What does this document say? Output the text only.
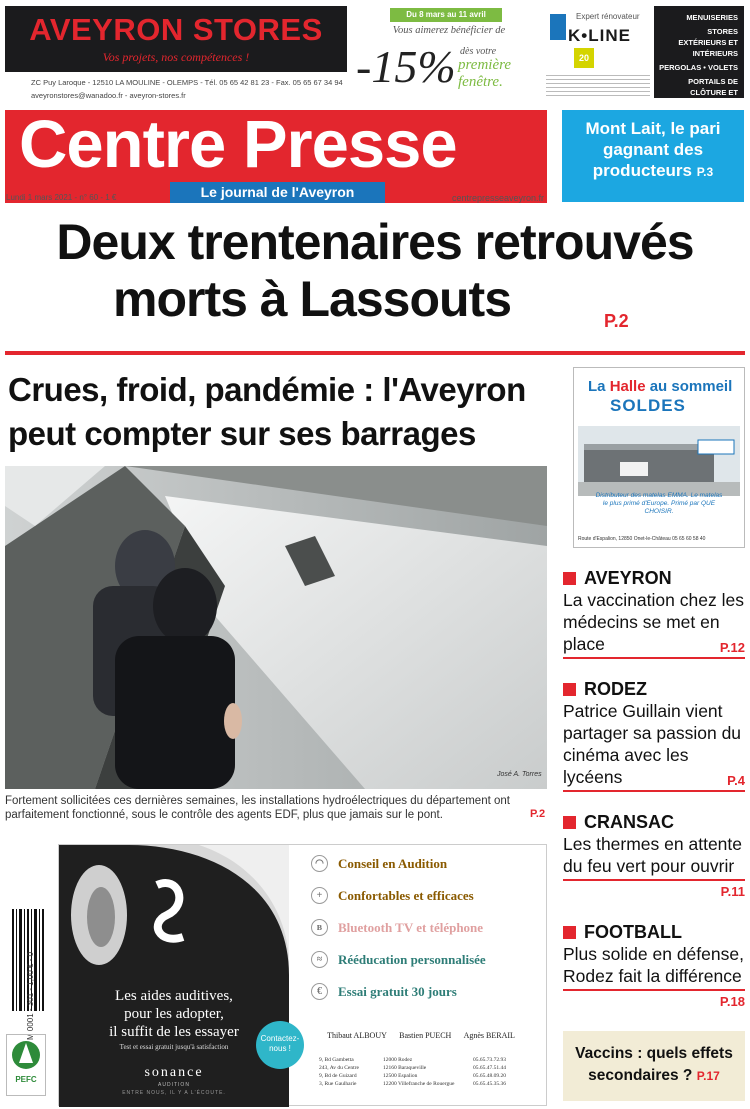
AVEYRON STORES
Vos projets, nos compétences !
ZC Puy Laroque - 12510 LA MOULINE - OLEMPS - Tél. 05 65 42 81 23 - Fax. 05 65 67 34 94
aveyronstores@wanadoo.fr - aveyron-stores.fr
Du 8 mars au 11 avril
Vous aimerez bénéficier de
-15% dès votre
première
fenêtre.
Expert rénovateur
K•LINE
20
MENUISERIES
STORES EXTÉRIEURS ET INTÉRIEURS
PERGOLAS • VOLETS
PORTAILS DE CLÔTURE ET GARAGE
Centre Presse
Le journal de l'Aveyron
Lundi 1 mars 2021 - n° 60 - 1 €	centrepresseaveyron.fr
Mont Lait, le pari gagnant des producteurs P.3
Deux trentenaires retrouvés
morts à Lassouts	P.2
Crues, froid, pandémie : l'Aveyron
peut compter sur ses barrages
José A. Torres
Fortement sollicitées ces dernières semaines, les installations hydroélectriques du département ont parfaitement fonctionné, sous le contrôle des agents EDF, plus que jamais sur le pont.	P.2
La Halle au sommeil
SOLDES
Distributeur des matelas EMMA. Le matelas le plus primé d'Europe. Primé par QUE CHOISIR.
Route d'Espalion, 12850 Onet-le-Château 05 65 60 58 40
AVEYRON
La vaccination chez les médecins se met en place	P.12
RODEZ
Patrice Guillain vient partager sa passion du cinéma avec les lycéens	P.4
CRANSAC
Les thermes en attente du feu vert pour ouvrir
P.11
FOOTBALL
Plus solide en défense, Rodez fait la différence
P.18
Vaccins : quels effets secondaires ? P.17
Les aides auditives,
pour les adopter,
il suffit de les essayer
Test et essai gratuit jusqu'à satisfaction
sonance
AUDITION
ENTRE NOUS, IL Y A L'ÉCOUTE.
◠	Conseil en Audition
+	Confortables et efficaces
ʙ	Bluetooth TV et téléphone
≈	Rééducation personnalisée
€	Essai gratuit 30 jours
Contactez-nous !
Thibaut ALBOUY Bastien PUECH Agnès BERAIL
9, Bd Gambetta	12000 Rodez	05.65.73.72.93
243, Av du Centre	12160 Baraqueville	05.65.47.51.44
9, Bd de Guizard	12500 Espalion	05.65.48.09.20
3, Rue Gaulharie	12200 Villefranche de Rouergue	05.65.45.35.36
M 0001 - 301 - 1,00 € - 0
PEFC
